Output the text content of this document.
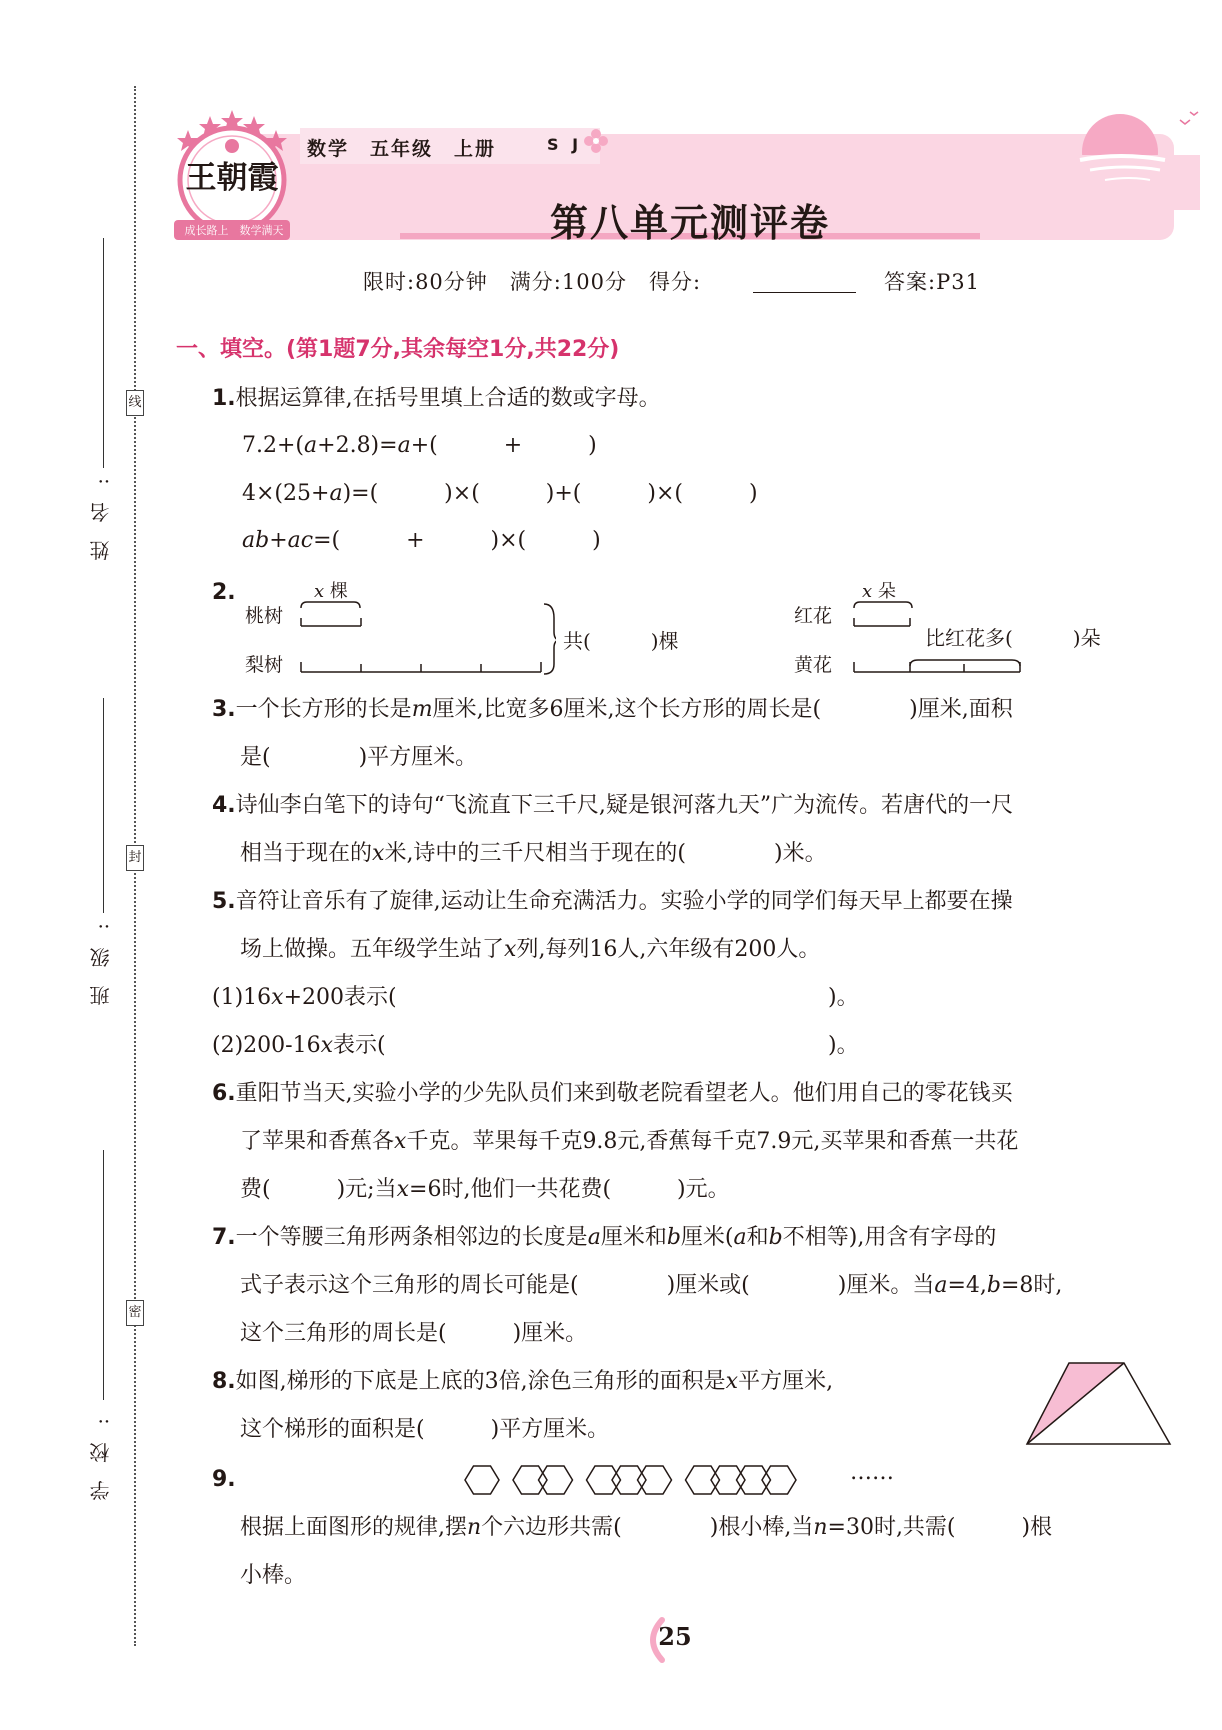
线
封
密
姓名:
班级:
学校:
王朝霞
成长路上　数学满天
数学　五年级　上册	S J
第八单元测评卷
限时:80分钟　满分:100分　得分:	答案:P31
一、填空。(第1题7分,其余每空1分,共22分)
1.根据运算律,在括号里填上合适的数或字母。
7.2+(a+2.8)=a+(　　　+　　　)
4×(25+a)=(　　　)×(　　　)+(　　　)×(　　　)
ab+ac=(　　　+　　　)×(　　　)
2.
桃树
梨树
x 棵
共(　　　)棵
红花
黄花
x 朵
比红花多(　　　)朵
3.一个长方形的长是m厘米,比宽多6厘米,这个长方形的周长是(　　　　)厘米,面积
是(　　　　)平方厘米。
4.诗仙李白笔下的诗句“飞流直下三千尺,疑是银河落九天”广为流传。若唐代的一尺
相当于现在的x米,诗中的三千尺相当于现在的(　　　　)米。
5.音符让音乐有了旋律,运动让生命充满活力。实验小学的同学们每天早上都要在操
场上做操。五年级学生站了x列,每列16人,六年级有200人。
(1)16x+200表示(	)。
(2)200-16x表示(	)。
6.重阳节当天,实验小学的少先队员们来到敬老院看望老人。他们用自己的零花钱买
了苹果和香蕉各x千克。苹果每千克9.8元,香蕉每千克7.9元,买苹果和香蕉一共花
费(　　　)元;当x=6时,他们一共花费(　　　)元。
7.一个等腰三角形两条相邻边的长度是a厘米和b厘米(a和b不相等),用含有字母的
式子表示这个三角形的周长可能是(　　　　)厘米或(　　　　)厘米。当a=4,b=8时,
这个三角形的周长是(　　　)厘米。
8.如图,梯形的下底是上底的3倍,涂色三角形的面积是x平方厘米,
这个梯形的面积是(　　　)平方厘米。
9.	……
根据上面图形的规律,摆n个六边形共需(　　　　)根小棒,当n=30时,共需(　　　)根
小棒。
25
